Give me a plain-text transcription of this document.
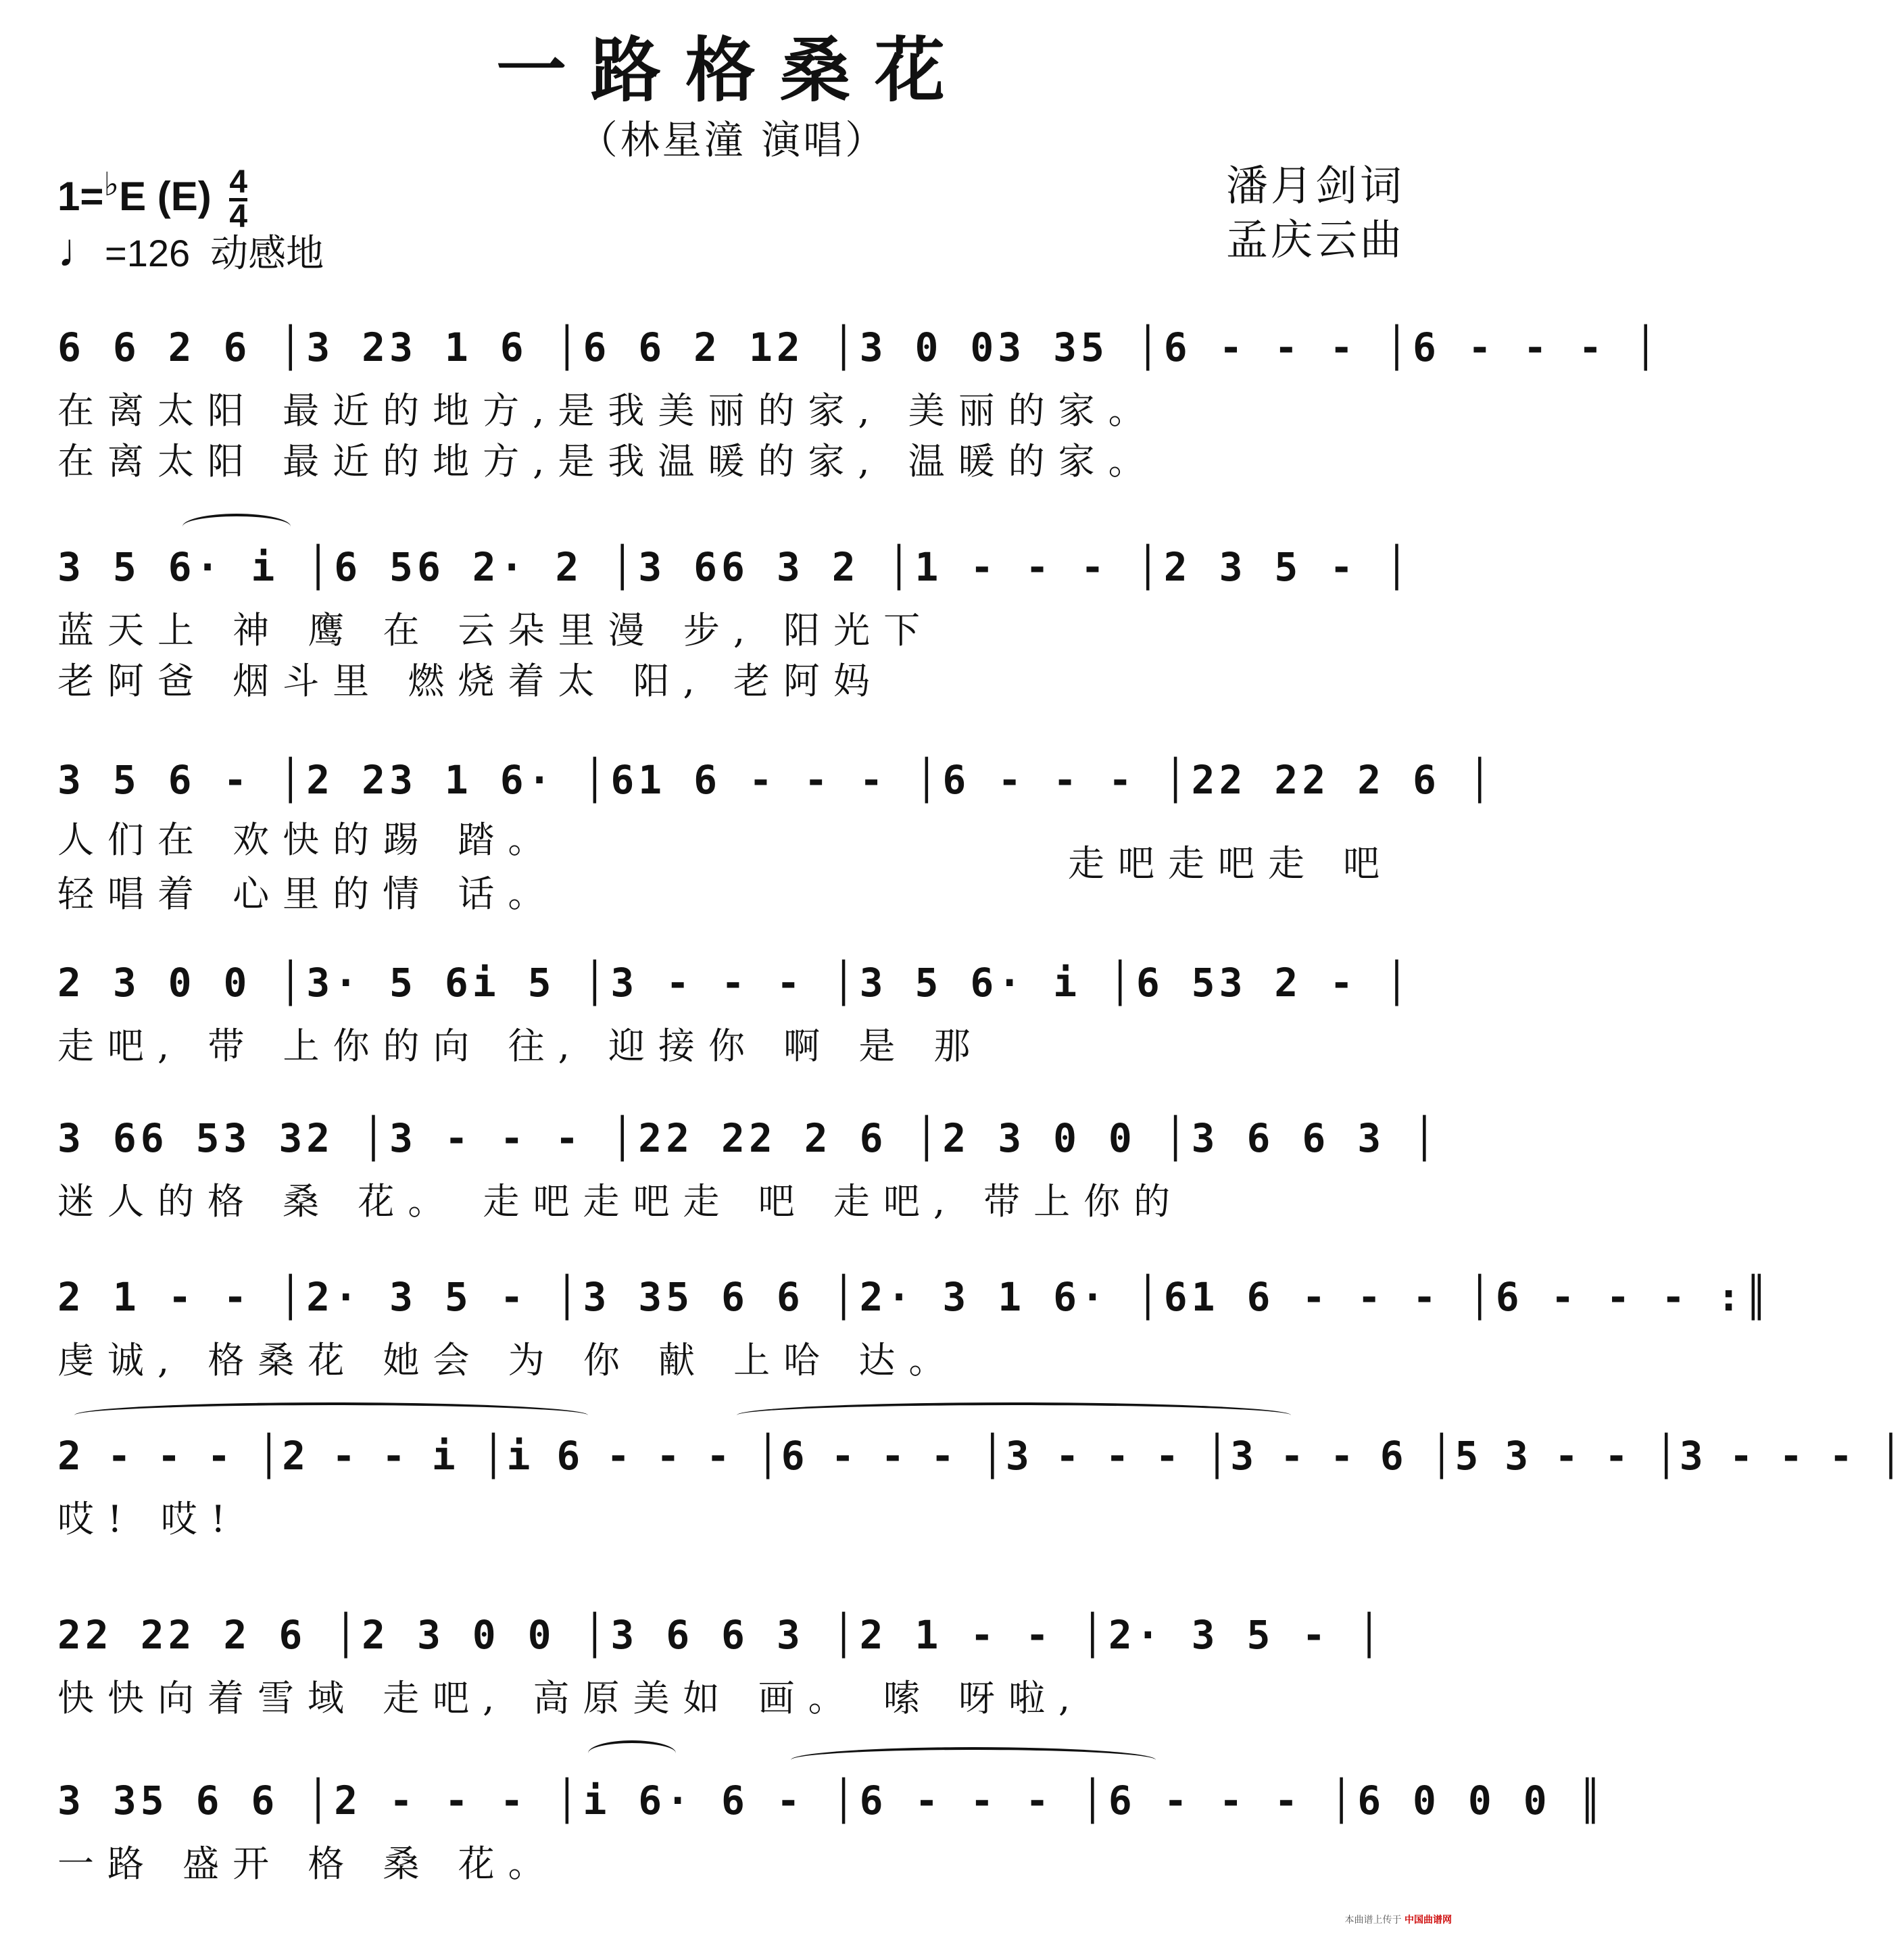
一路格桑花
（林星潼 演唱）
潘月剑词
孟庆云曲
1=♭E $(E) \frac{4}{4}$
♩=126 动感地
6 6 2 6 │3 23 1 6 │6 6 2 12 │3 0 03 35 │6 - - - │6 - - - │
在离太阳 最近的地方,是我美丽的家, 美丽的家。
在离太阳 最近的地方,是我温暖的家, 温暖的家。
3 5 6· i │6 56 2· 2 │3 66 3 2 │1 - - - │2 3 5 - │
蓝天上 神 鹰 在 云朵里漫 步, 阳光下
老阿爸 烟斗里 燃烧着太 阳, 老阿妈
3 5 6 - │2 23 1 6· │61 6 - - - │6 - - - │22 22 2 6 │
人们在 欢快的踢 踏。
轻唱着 心里的情 话。
走吧走吧走 吧
2 3 0 0 │3· 5 6i 5 │3 - - - │3 5 6· i │6 53 2 - │
走吧, 带 上你的向 往, 迎接你 啊 是 那
3 66 53 32 │3 - - - │22 22 2 6 │2 3 0 0 │3 6 6 3 │
迷人的格 桑 花。 走吧走吧走 吧 走吧, 带上你的
2 1 - - │2· 3 5 - │3 35 6 6 │2· 3 1 6· │61 6 - - - │6 - - - :║
虔诚, 格桑花 她会 为 你 献 上哈 达。
2 - - - │2 - - i │i 6 - - - │6 - - - │3 - - - │3 - - 6 │5 3 - - │3 - - - │
哎! 哎!
22 22 2 6 │2 3 0 0 │3 6 6 3 │2 1 - - │2· 3 5 - │
快快向着雪域 走吧, 高原美如 画。 嗦 呀啦,
3 35 6 6 │2 - - - │i 6· 6 - │6 - - - │6 - - - │6 0 0 0 ║
一路 盛开 格 桑 花。
本曲谱上传于 中国曲谱网
